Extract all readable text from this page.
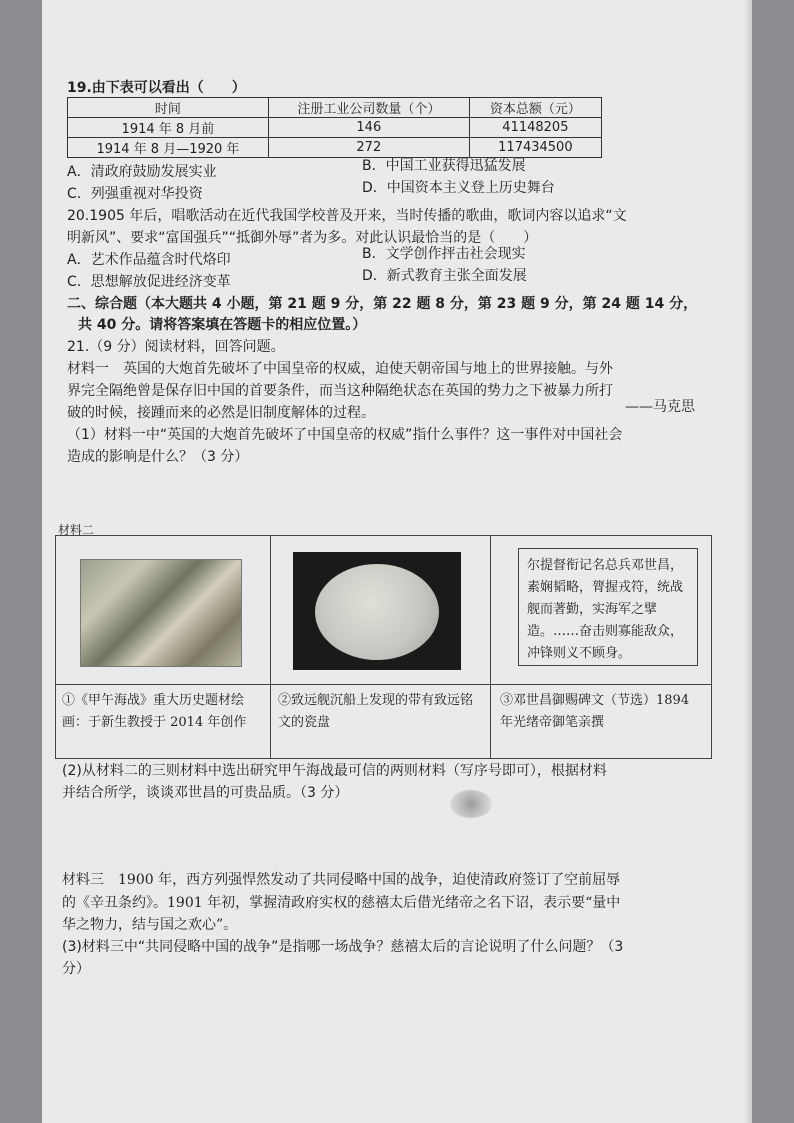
19.由下表可以看出（　　）
时间	注册工业公司数量（个）	资本总额（元）
1914 年 8 月前	146	41148205
1914 年 8 月—1920 年	272	117434500
A．清政府鼓励发展实业	B．中国工业获得迅猛发展
C．列强重视对华投资	D．中国资本主义登上历史舞台
20.1905 年后，唱歌活动在近代我国学校普及开来，当时传播的歌曲，歌词内容以追求“文
明新风”、要求“富国强兵”“抵御外辱”者为多。对此认识最恰当的是（　　）
A．艺术作品蕴含时代烙印	B．文学创作抨击社会现实
C．思想解放促进经济变革	D．新式教育主张全面发展
二、综合题（本大题共 4 小题，第 21 题 9 分，第 22 题 8 分，第 23 题 9 分，第 24 题 14 分，
共 40 分。请将答案填在答题卡的相应位置。）
21.（9 分）阅读材料，回答问题。
材料一　英国的大炮首先破坏了中国皇帝的权威，迫使天朝帝国与地上的世界接触。与外
界完全隔绝曾是保存旧中国的首要条件，而当这种隔绝状态在英国的势力之下被暴力所打
破的时候，接踵而来的必然是旧制度解体的过程。	——马克思
（1）材料一中“英国的大炮首先破坏了中国皇帝的权威”指什么事件？这一事件对中国社会
造成的影响是什么？（3 分）
材料二
尔提督衔记名总兵邓世昌，素娴韬略，膂握戎符，统战舰而著勤，实海军之擘造。……奋击则寡能敌众，冲锋则义不顾身。
①《甲午海战》重大历史题材绘画：于新生教授于 2014 年创作
②致远舰沉船上发现的带有致远铭文的瓷盘
③邓世昌御赐碑文（节选）1894 年光绪帝御笔亲撰
(2)从材料二的三则材料中选出研究甲午海战最可信的两则材料（写序号即可），根据材料
并结合所学，谈谈邓世昌的可贵品质。（3 分）
材料三　1900 年，西方列强悍然发动了共同侵略中国的战争，迫使清政府签订了空前屈辱
的《辛丑条约》。1901 年初，掌握清政府实权的慈禧太后借光绪帝之名下诏，表示要“量中
华之物力，结与国之欢心”。
(3)材料三中“共同侵略中国的战争”是指哪一场战争？慈禧太后的言论说明了什么问题？（3
分）
